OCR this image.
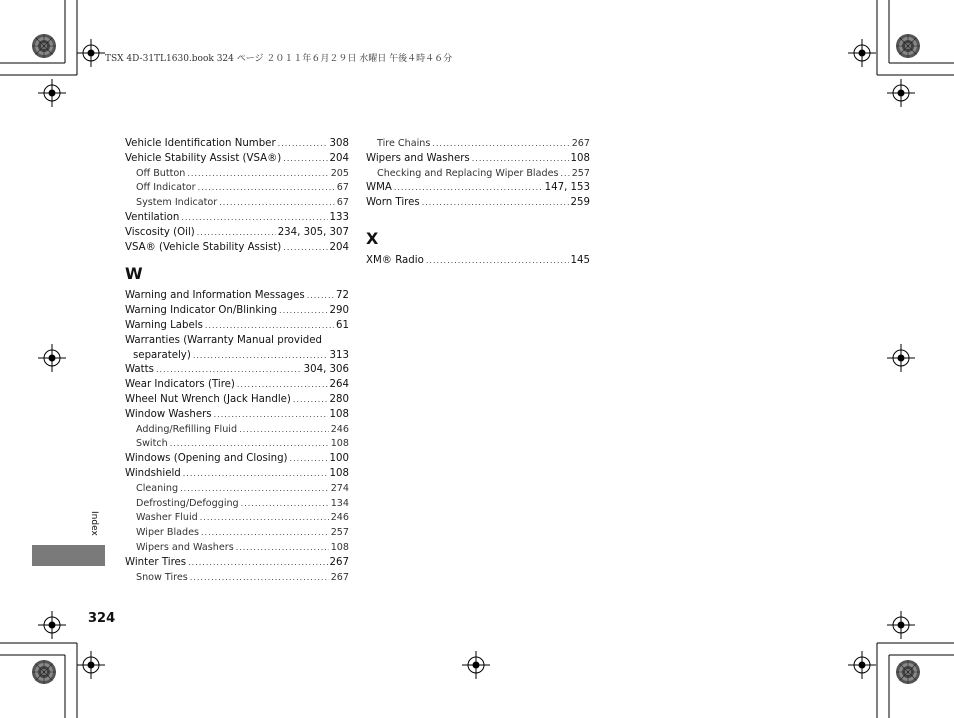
TSX 4D-31TL1630.book 324 ページ ２０１１年６月２９日 水曜日 午後４時４６分
Vehicle Identification Number .....	308
Vehicle Stability Assist (VSA®) .....	204
Off Button .....	205
Off Indicator .....	67
System Indicator .....	67
Ventilation .....	133
Viscosity (Oil) .....	234, 305, 307
VSA® (Vehicle Stability Assist) .....	204
W
Warning and Information Messages .....	72
Warning Indicator On/Blinking .....	290
Warning Labels .....	61
Warranties (Warranty Manual provided
separately) .....	313
Watts .....	304, 306
Wear Indicators (Tire) .....	264
Wheel Nut Wrench (Jack Handle) .....	280
Window Washers .....	108
Adding/Refilling Fluid .....	246
Switch .....	108
Windows (Opening and Closing) .....	100
Windshield .....	108
Cleaning .....	274
Defrosting/Defogging .....	134
Washer Fluid .....	246
Wiper Blades .....	257
Wipers and Washers .....	108
Winter Tires .....	267
Snow Tires .....	267
Tire Chains .....	267
Wipers and Washers .....	108
Checking and Replacing Wiper Blades ..... 257
WMA .....	147, 153
Worn Tires .....	259
X
XM® Radio .....	145
Index
324
